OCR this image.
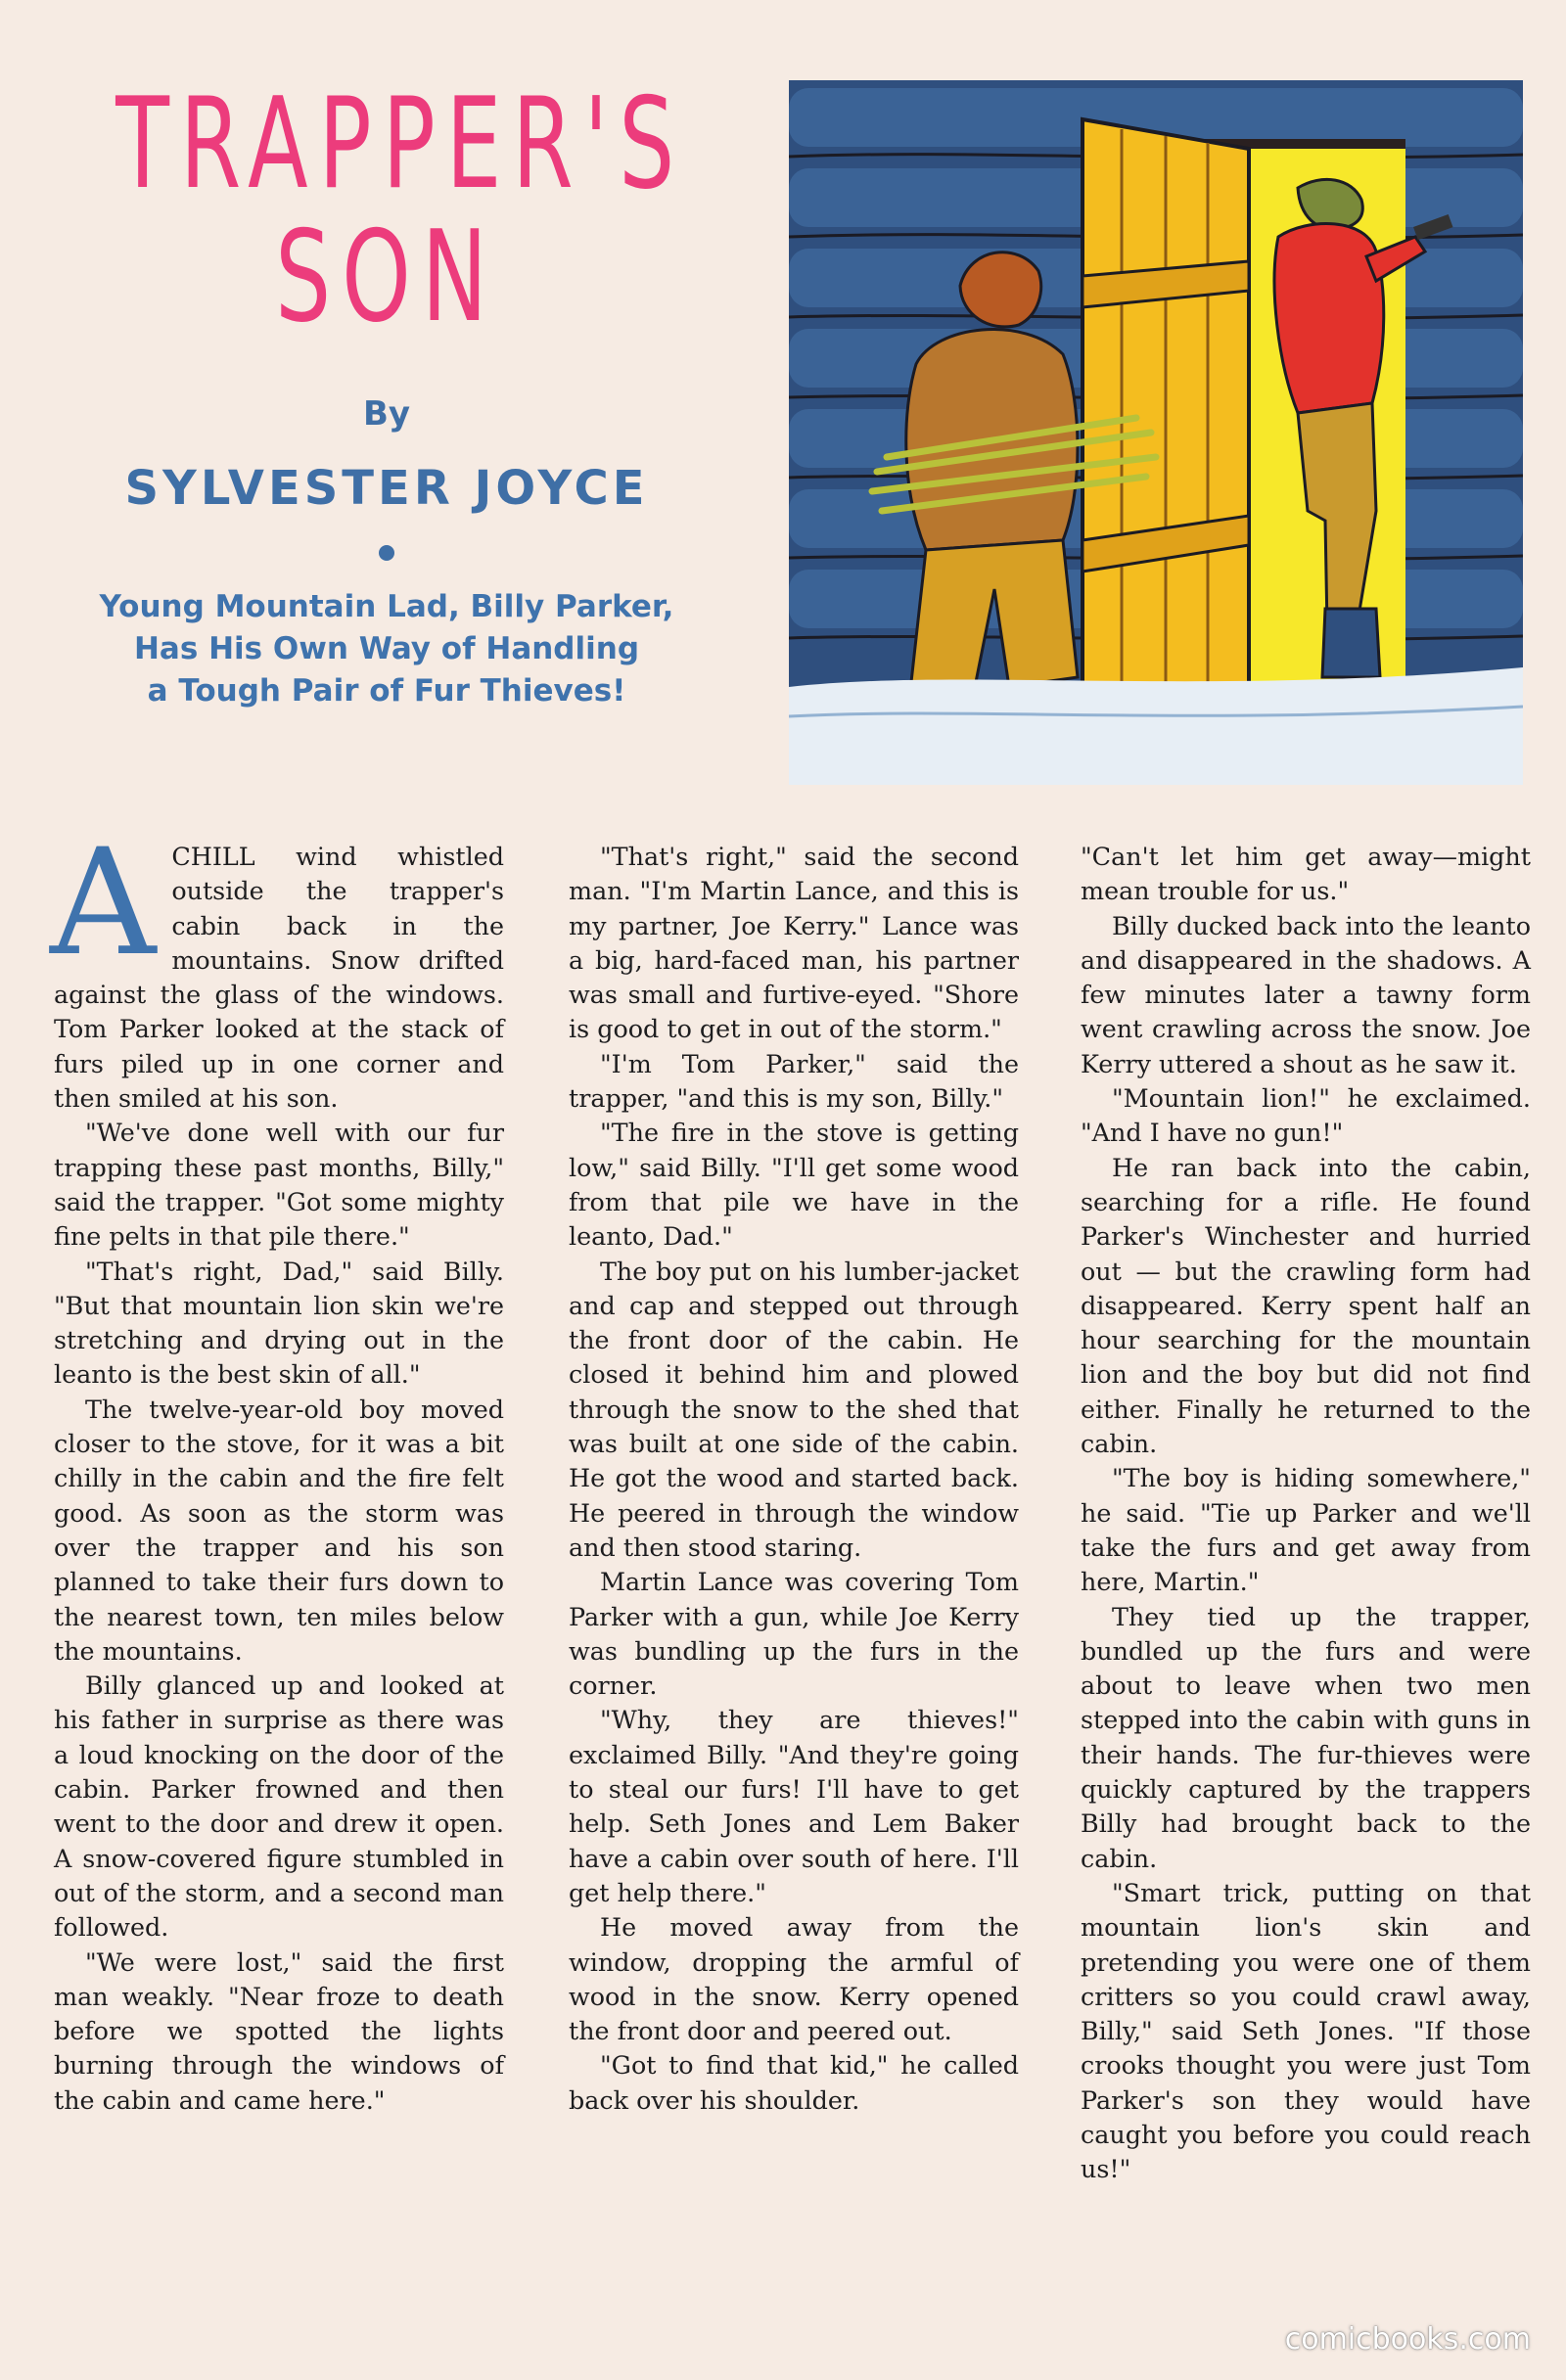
TRAPPER'S
SON
By
SYLVESTER JOYCE
Young Mountain Lad, Billy Parker,
Has His Own Way of Handling
a Tough Pair of Fur Thieves!
A CHILL wind whistled outside the trapper's cabin back in the mountains. Snow drifted against the glass of the windows. Tom Parker looked at the stack of furs piled up in one corner and then smiled at his son.

"We've done well with our fur trapping these past months, Billy," said the trapper. "Got some mighty fine pelts in that pile there."

"That's right, Dad," said Billy. "But that mountain lion skin we're stretching and drying out in the leanto is the best skin of all."

The twelve-year-old boy moved closer to the stove, for it was a bit chilly in the cabin and the fire felt good. As soon as the storm was over the trapper and his son planned to take their furs down to the nearest town, ten miles below the mountains.

Billy glanced up and looked at his father in surprise as there was a loud knocking on the door of the cabin. Parker frowned and then went to the door and drew it open. A snow-covered figure stumbled in out of the storm, and a second man followed.

"We were lost," said the first man weakly. "Near froze to death before we spotted the lights burning through the windows of the cabin and came here."

"That's right," said the second man. "I'm Martin Lance, and this is my partner, Joe Kerry." Lance was a big, hard-faced man, his partner was small and furtive-eyed. "Shore is good to get in out of the storm."

"I'm Tom Parker," said the trapper, "and this is my son, Billy."

"The fire in the stove is getting low," said Billy. "I'll get some wood from that pile we have in the leanto, Dad."

The boy put on his lumber-jacket and cap and stepped out through the front door of the cabin. He closed it behind him and plowed through the snow to the shed that was built at one side of the cabin. He got the wood and started back. He peered in through the window and then stood staring.

Martin Lance was covering Tom Parker with a gun, while Joe Kerry was bundling up the furs in the corner.

"Why, they are thieves!" exclaimed Billy. "And they're going to steal our furs! I'll have to get help. Seth Jones and Lem Baker have a cabin over south of here. I'll get help there."

He moved away from the window, dropping the armful of wood in the snow. Kerry opened the front door and peered out.

"Got to find that kid," he called back over his shoulder.

"Can't let him get away—might mean trouble for us."

Billy ducked back into the leanto and disappeared in the shadows. A few minutes later a tawny form went crawling across the snow. Joe Kerry uttered a shout as he saw it.

"Mountain lion!" he exclaimed. "And I have no gun!"

He ran back into the cabin, searching for a rifle. He found Parker's Winchester and hurried out — but the crawling form had disappeared. Kerry spent half an hour searching for the mountain lion and the boy but did not find either. Finally he returned to the cabin.

"The boy is hiding somewhere," he said. "Tie up Parker and we'll take the furs and get away from here, Martin."

They tied up the trapper, bundled up the furs and were about to leave when two men stepped into the cabin with guns in their hands. The fur-thieves were quickly captured by the trappers Billy had brought back to the cabin.

"Smart trick, putting on that mountain lion's skin and pretending you were one of them critters so you could crawl away, Billy," said Seth Jones. "If those crooks thought you were just Tom Parker's son they would have caught you before you could reach us!"

comicbooks.com
